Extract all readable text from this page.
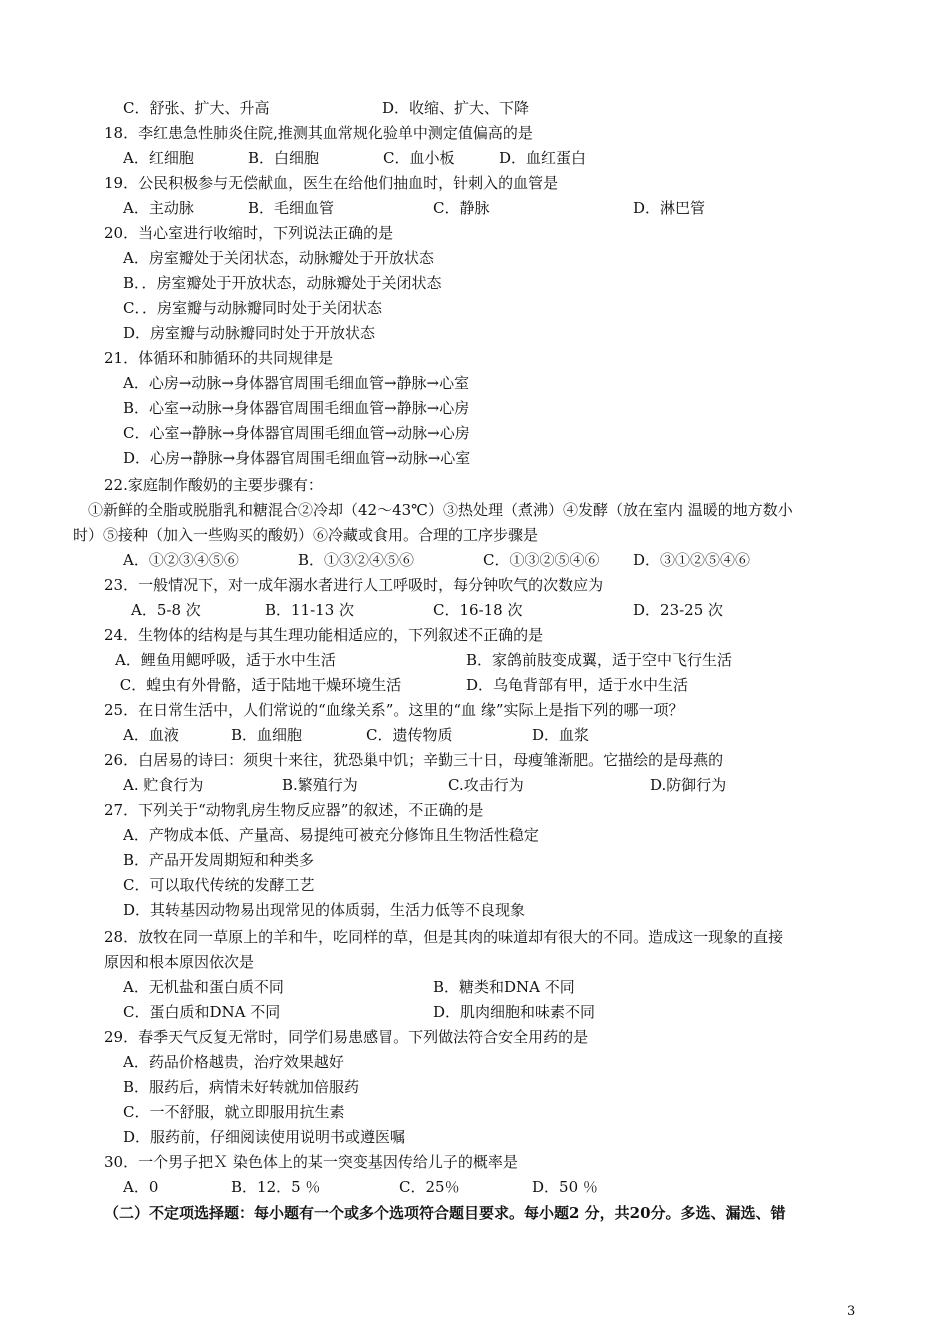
C．舒张、扩大、升高	D．收缩、扩大、下降
18．李红患急性肺炎住院,推测其血常规化验单中测定值偏高的是
A．红细胞	B．白细胞	C．血小板	D．血红蛋白
19．公民积极参与无偿献血，医生在给他们抽血时，针刺入的血管是
A．主动脉	B．毛细血管	C．静脉	D．淋巴管
20．当心室进行收缩时，下列说法正确的是
A．房室瓣处于关闭状态，动脉瓣处于开放状态
B．．房室瓣处于开放状态，动脉瓣处于关闭状态
C．．房室瓣与动脉瓣同时处于关闭状态
D．房室瓣与动脉瓣同时处于开放状态
21．体循环和肺循环的共同规律是
A．心房→动脉→身体器官周围毛细血管→静脉→心室
B．心室→动脉→身体器官周围毛细血管→静脉→心房
C．心室→静脉→身体器官周围毛细血管→动脉→心房
D．心房→静脉→身体器官周围毛细血管→动脉→心室
22.家庭制作酸奶的主要步骤有：
①新鲜的全脂或脱脂乳和糖混合②冷却（42～43℃）③热处理（煮沸）④发酵（放在室内 温暖的地方数小
时）⑤接种（加入一些购买的酸奶）⑥冷藏或食用。合理的工序步骤是
A．①②③④⑤⑥	B．①③②④⑤⑥	C．①③②⑤④⑥ D．③①②⑤④⑥
23．一般情况下，对一成年溺水者进行人工呼吸时，每分钟吹气的次数应为
A．5-8 次	B．11-13 次	C．16-18 次	D．23-25 次
24．生物体的结构是与其生理功能相适应的，下列叙述不正确的是
A．鲤鱼用鳃呼吸，适于水中生活	B．家鸽前肢变成翼，适于空中飞行生活
C．蝗虫有外骨骼，适于陆地干燥环境生活	D．乌龟背部有甲，适于水中生活
25．在日常生活中，人们常说的“血缘关系”。这里的“血 缘”实际上是指下列的哪一项？
A．血液	B．血细胞	C．遗传物质	D．血浆
26．白居易的诗曰：须臾十来往，犹恐巢中饥；辛勤三十日，母瘦雏渐肥。它描绘的是母燕的
A. 贮食行为	B.繁殖行为	C.攻击行为	D.防御行为
27．下列关于“动物乳房生物反应器”的叙述，不正确的是
A．产物成本低、产量高、易提纯可被充分修饰且生物活性稳定
B．产品开发周期短和种类多
C．可以取代传统的发酵工艺
D．其转基因动物易出现常见的体质弱，生活力低等不良现象
28．放牧在同一草原上的羊和牛，吃同样的草，但是其肉的味道却有很大的不同。造成这一现象的直接
原因和根本原因依次是
A．无机盐和蛋白质不同	B．糖类和DNA 不同
C．蛋白质和DNA 不同	D．肌肉细胞和味素不同
29．春季天气反复无常时，同学们易患感冒。下列做法符合安全用药的是
A．药品价格越贵，治疗效果越好
B．服药后，病情未好转就加倍服药
C．一不舒服，就立即服用抗生素
D．服药前，仔细阅读使用说明书或遵医嘱
30．一个男子把Ｘ 染色体上的某一突变基因传给儿子的概率是
A．0	B．12．5 ％	C．25％	D．50 ％
（二）不定项选择题：每小题有一个或多个选项符合题目要求。每小题2 分，共20分。多选、漏选、错
3
